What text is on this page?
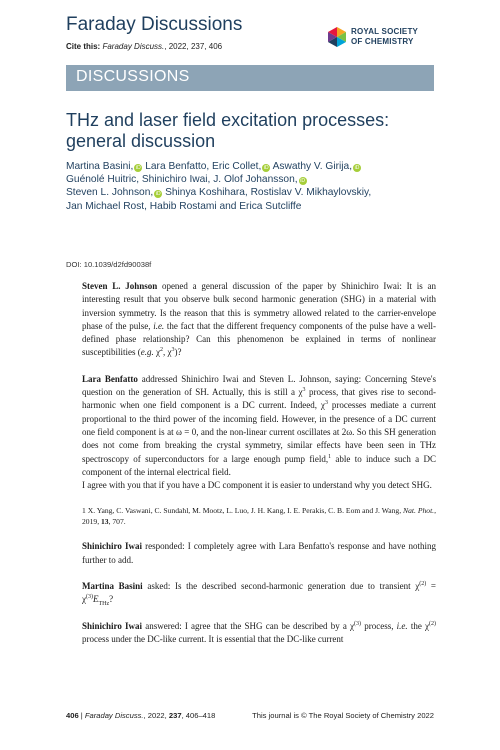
Faraday Discussions
Cite this: Faraday Discuss., 2022, 237, 406
ROYAL SOCIETY
OF CHEMISTRY
DISCUSSIONS
THz and laser field excitation processes: general discussion
Martina Basini, iD Lara Benfatto, Eric Collet, iD Aswathy V. Girija, iD
Guénolé Huitric, Shinichiro Iwai, J. Olof Johansson, iD
Steven L. Johnson, iD Shinya Koshihara, Rostislav V. Mikhaylovskiy,
Jan Michael Rost, Habib Rostami and Erica Sutcliffe
DOI: 10.1039/d2fd90038f

Steven L. Johnson opened a general discussion of the paper by Shinichiro Iwai: It is an interesting result that you observe bulk second harmonic generation (SHG) in a material with inversion symmetry. Is the reason that this is symmetry allowed related to the carrier-envelope phase of the pulse, i.e. the fact that the different frequency components of the pulse have a well-defined phase relationship? Can this phenomenon be explained in terms of nonlinear susceptibilities (e.g. $\chi^2$, $\chi^3$)?

Lara Benfatto addressed Shinichiro Iwai and Steven L. Johnson, saying: Concerning Steve's question on the generation of SH. Actually, this is still a $\chi^3$ process, that gives rise to second-harmonic when one field component is a DC current. Indeed, $\chi^3$ processes mediate a current proportional to the third power of the incoming field. However, in the presence of a DC current one field component is at ω = 0, and the non-linear current oscillates at 2ω. So this SH generation does not come from breaking the crystal symmetry, similar effects have been seen in THz spectroscopy of superconductors for a large enough pump field,$^1$ able to induce such a DC component of the internal electrical field.

I agree with you that if you have a DC component it is easier to understand why you detect SHG.

1 X. Yang, C. Vaswani, C. Sundahl, M. Mootz, L. Luo, J. H. Kang, I. E. Perakis, C. B. Eom and J. Wang, Nat. Phot., 2019, 13, 707.

Shinichiro Iwai responded: I completely agree with Lara Benfatto's response and have nothing further to add.

Martina Basini asked: Is the described second-harmonic generation due to transient $\chi^{(2)} = \chi^{(3)}E_{THz}$?

Shinichiro Iwai answered: I agree that the SHG can be described by a $\chi^{(3)}$ process, i.e. the $\chi^{(2)}$ process under the DC-like current. It is essential that the DC-like current

406 | Faraday Discuss., 2022, 237, 406–418	This journal is © The Royal Society of Chemistry 2022
